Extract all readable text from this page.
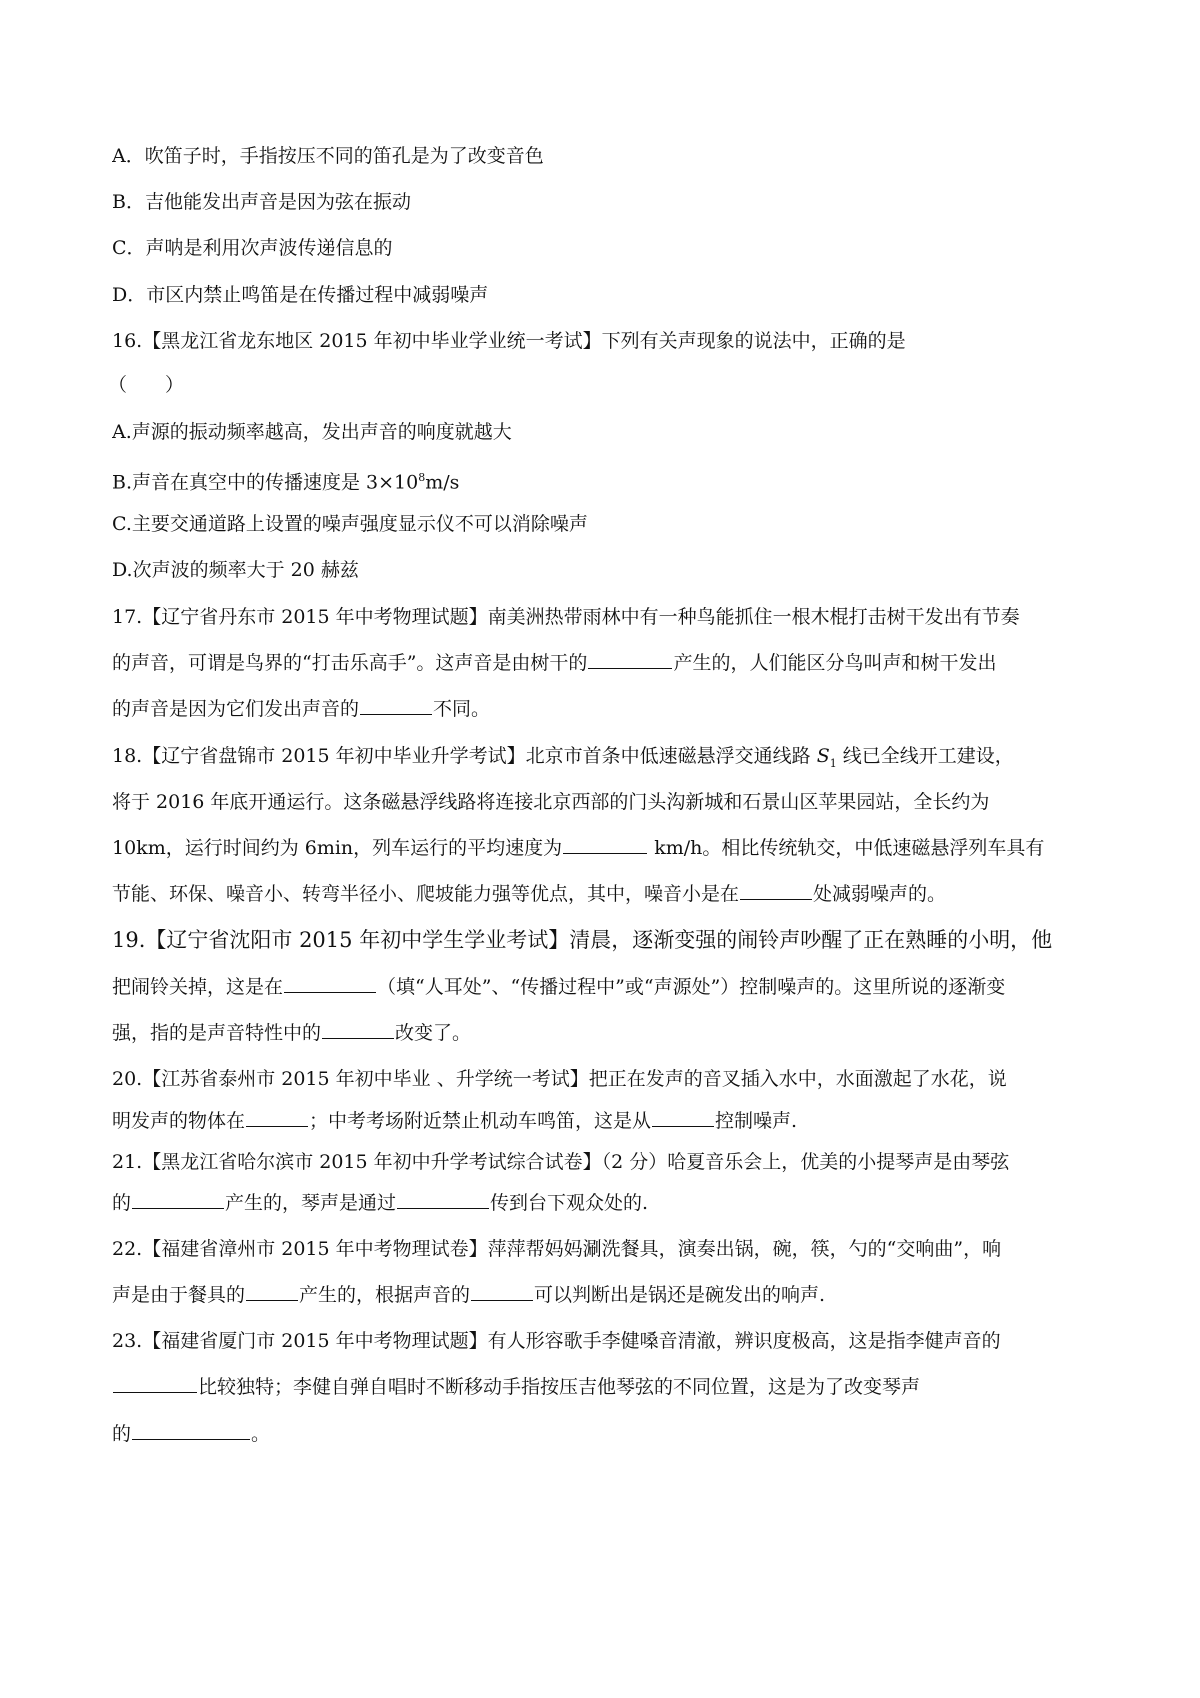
A．吹笛子时，手指按压不同的笛孔是为了改变音色
B．吉他能发出声音是因为弦在振动
C．声呐是利用次声波传递信息的
D．市区内禁止鸣笛是在传播过程中减弱噪声
16.【黑龙江省龙东地区 2015 年初中毕业学业统一考试】下列有关声现象的说法中，正确的是
（　　）
A.声源的振动频率越高，发出声音的响度就越大
B.声音在真空中的传播速度是 $3\times 10^8m/s$
C.主要交通道路上设置的噪声强度显示仪不可以消除噪声
D.次声波的频率大于 20 赫兹
17.【辽宁省丹东市 2015 年中考物理试题】南美洲热带雨林中有一种鸟能抓住一根木棍打击树干发出有节奏
的声音，可谓是鸟界的“打击乐高手”。这声音是由树干的	产生的，人们能区分鸟叫声和树干发出
的声音是因为它们发出声音的	不同。
18.【辽宁省盘锦市 2015 年初中毕业升学考试】北京市首条中低速磁悬浮交通线路 $S_1$ 线已全线开工建设，
将于 2016 年底开通运行。这条磁悬浮线路将连接北京西部的门头沟新城和石景山区苹果园站，全长约为
10km，运行时间约为 6min，列车运行的平均速度为	km/h。相比传统轨交，中低速磁悬浮列车具有
节能、环保、噪音小、转弯半径小、爬坡能力强等优点，其中，噪音小是在	处减弱噪声的。
19.【辽宁省沈阳市 2015 年初中学生学业考试】清晨，逐渐变强的闹铃声吵醒了正在熟睡的小明，他
把闹铃关掉，这是在	（填“人耳处”、“传播过程中”或“声源处”）控制噪声的。这里所说的逐渐变
强，指的是声音特性中的	改变了。
20.【江苏省泰州市 2015 年初中毕业 、升学统一考试】把正在发声的音叉插入水中，水面激起了水花，说
明发声的物体在	；中考考场附近禁止机动车鸣笛，这是从	控制噪声.
21.【黑龙江省哈尔滨市 2015 年初中升学考试综合试卷】（2 分）哈夏音乐会上，优美的小提琴声是由琴弦
的	产生的，琴声是通过	传到台下观众处的.
22.【福建省漳州市 2015 年中考物理试卷】萍萍帮妈妈涮洗餐具，演奏出锅，碗，筷，勺的“交响曲”，响
声是由于餐具的	产生的，根据声音的	可以判断出是锅还是碗发出的响声.
23.【福建省厦门市 2015 年中考物理试题】有人形容歌手李健嗓音清澈，辨识度极高，这是指李健声音的
比较独特；李健自弹自唱时不断移动手指按压吉他琴弦的不同位置，这是为了改变琴声
的	。
